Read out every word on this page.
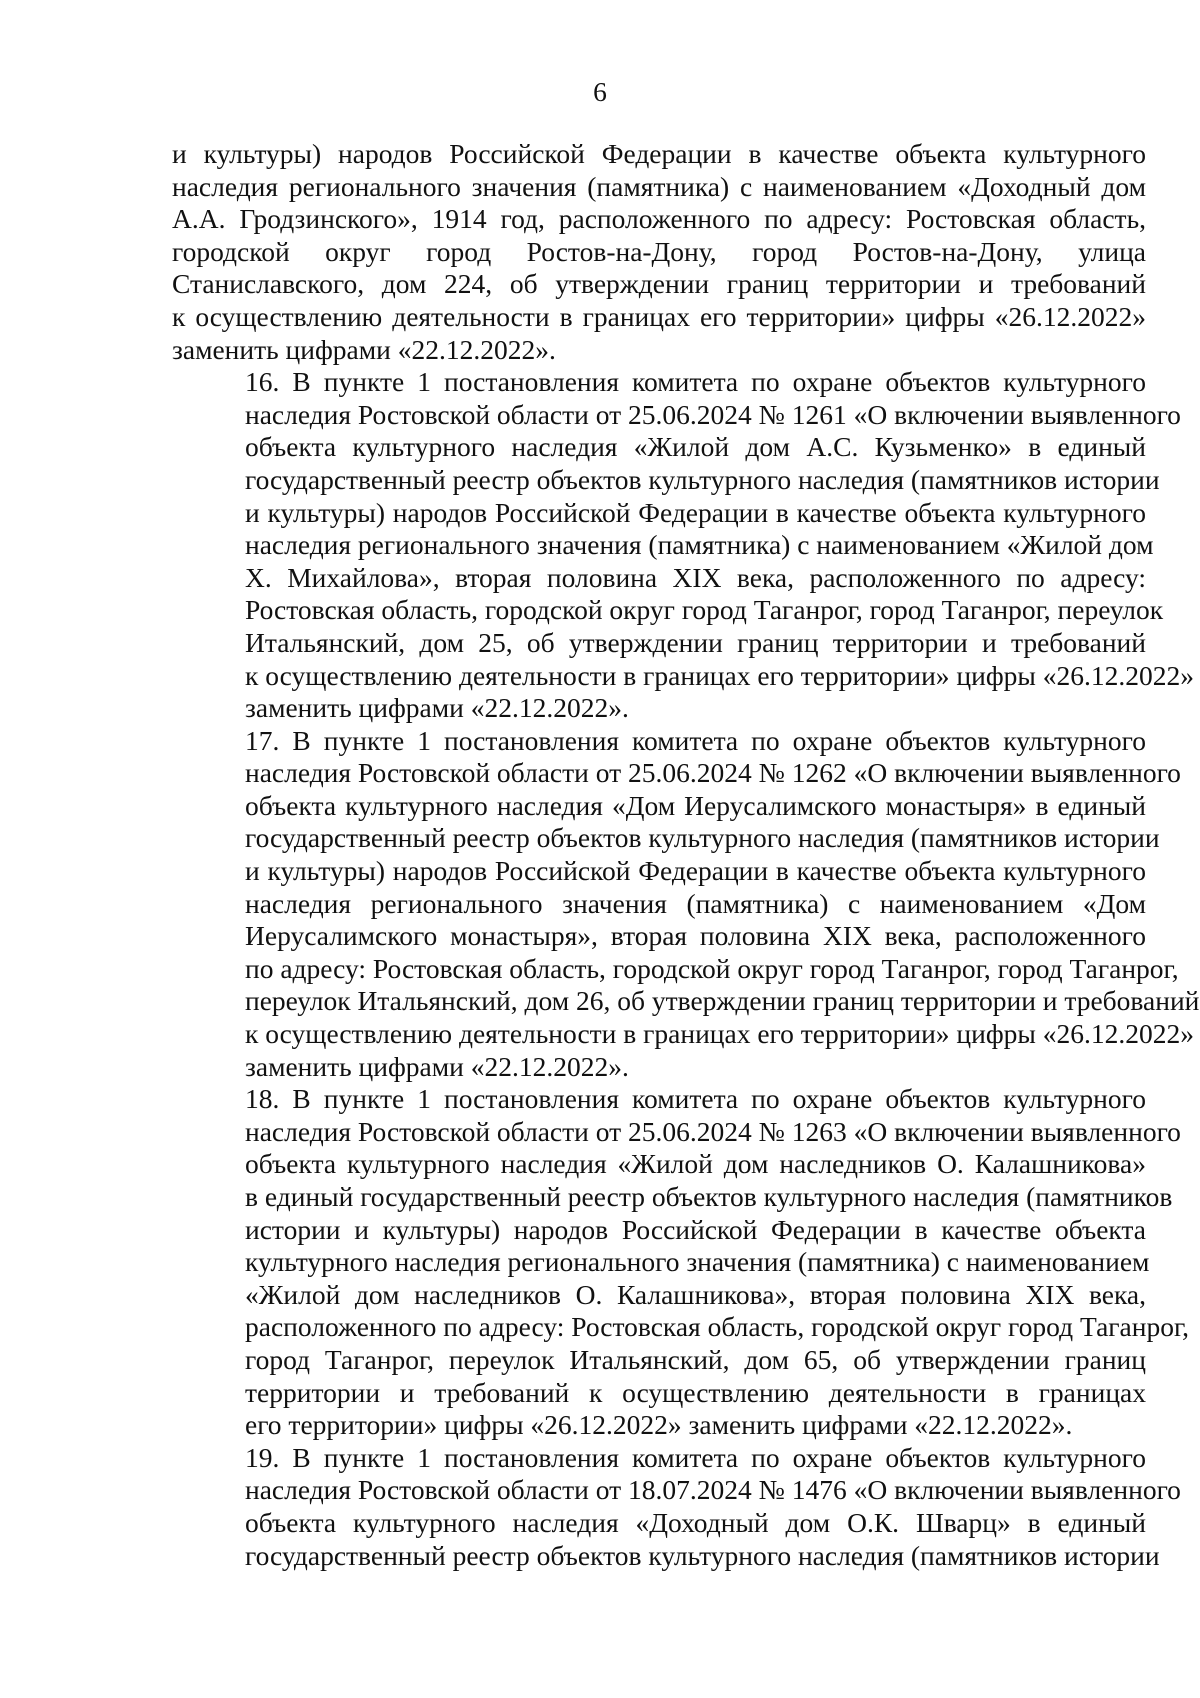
6
и культуры) народов Российской Федерации в качестве объекта культурного
наследия регионального значения (памятника) с наименованием «Доходный дом
А.А. Гродзинского», 1914 год, расположенного по адресу: Ростовская область,
городской округ город Ростов-на-Дону, город Ростов-на-Дону, улица
Станиславского, дом 224, об утверждении границ территории и требований
к осуществлению деятельности в границах его территории» цифры «26.12.2022»
заменить цифрами «22.12.2022».
16. В пункте 1 постановления комитета по охране объектов культурного
наследия Ростовской области от 25.06.2024 № 1261 «О включении выявленного
объекта культурного наследия «Жилой дом А.С. Кузьменко» в единый
государственный реестр объектов культурного наследия (памятников истории
и культуры) народов Российской Федерации в качестве объекта культурного
наследия регионального значения (памятника) с наименованием «Жилой дом
Х. Михайлова», вторая половина XIX века, расположенного по адресу:
Ростовская область, городской округ город Таганрог, город Таганрог, переулок
Итальянский, дом 25, об утверждении границ территории и требований
к осуществлению деятельности в границах его территории» цифры «26.12.2022»
заменить цифрами «22.12.2022».
17. В пункте 1 постановления комитета по охране объектов культурного
наследия Ростовской области от 25.06.2024 № 1262 «О включении выявленного
объекта культурного наследия «Дом Иерусалимского монастыря» в единый
государственный реестр объектов культурного наследия (памятников истории
и культуры) народов Российской Федерации в качестве объекта культурного
наследия регионального значения (памятника) с наименованием «Дом
Иерусалимского монастыря», вторая половина XIX века, расположенного
по адресу: Ростовская область, городской округ город Таганрог, город Таганрог,
переулок Итальянский, дом 26, об утверждении границ территории и требований
к осуществлению деятельности в границах его территории» цифры «26.12.2022»
заменить цифрами «22.12.2022».
18. В пункте 1 постановления комитета по охране объектов культурного
наследия Ростовской области от 25.06.2024 № 1263 «О включении выявленного
объекта культурного наследия «Жилой дом наследников О. Калашникова»
в единый государственный реестр объектов культурного наследия (памятников
истории и культуры) народов Российской Федерации в качестве объекта
культурного наследия регионального значения (памятника) с наименованием
«Жилой дом наследников О. Калашникова», вторая половина XIX века,
расположенного по адресу: Ростовская область, городской округ город Таганрог,
город Таганрог, переулок Итальянский, дом 65, об утверждении границ
территории и требований к осуществлению деятельности в границах
его территории» цифры «26.12.2022» заменить цифрами «22.12.2022».
19. В пункте 1 постановления комитета по охране объектов культурного
наследия Ростовской области от 18.07.2024 № 1476 «О включении выявленного
объекта культурного наследия «Доходный дом О.К. Шварц» в единый
государственный реестр объектов культурного наследия (памятников истории
